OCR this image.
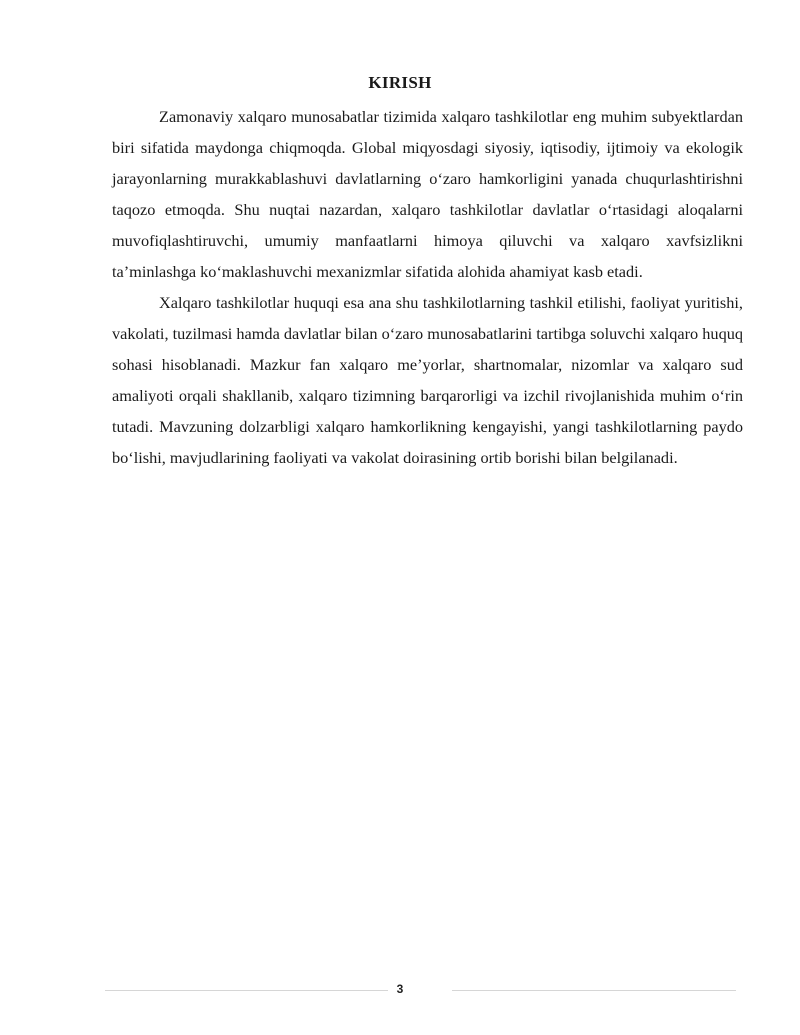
KIRISH

Zamonaviy xalqaro munosabatlar tizimida xalqaro tashkilotlar eng muhim subyektlardan biri sifatida maydonga chiqmoqda. Global miqyosdagi siyosiy, iqtisodiy, ijtimoiy va ekologik jarayonlarning murakkablashuvi davlatlarning o‘zaro hamkorligini yanada chuqurlashtirishni taqozo etmoqda. Shu nuqtai nazardan, xalqaro tashkilotlar davlatlar o‘rtasidagi aloqalarni muvofiqlashtiruvchi, umumiy manfaatlarni himoya qiluvchi va xalqaro xavfsizlikni ta’minlashga ko‘maklashuvchi mexanizmlar sifatida alohida ahamiyat kasb etadi.

Xalqaro tashkilotlar huquqi esa ana shu tashkilotlarning tashkil etilishi, faoliyat yuritishi, vakolati, tuzilmasi hamda davlatlar bilan o‘zaro munosabatlarini tartibga soluvchi xalqaro huquq sohasi hisoblanadi. Mazkur fan xalqaro me’yorlar, shartnomalar, nizomlar va xalqaro sud amaliyoti orqali shakllanib, xalqaro tizimning barqarorligi va izchil rivojlanishida muhim o‘rin tutadi. Mavzuning dolzarbligi xalqaro hamkorlikning kengayishi, yangi tashkilotlarning paydo bo‘lishi, mavjudlarining faoliyati va vakolat doirasining ortib borishi bilan belgilanadi.

3
